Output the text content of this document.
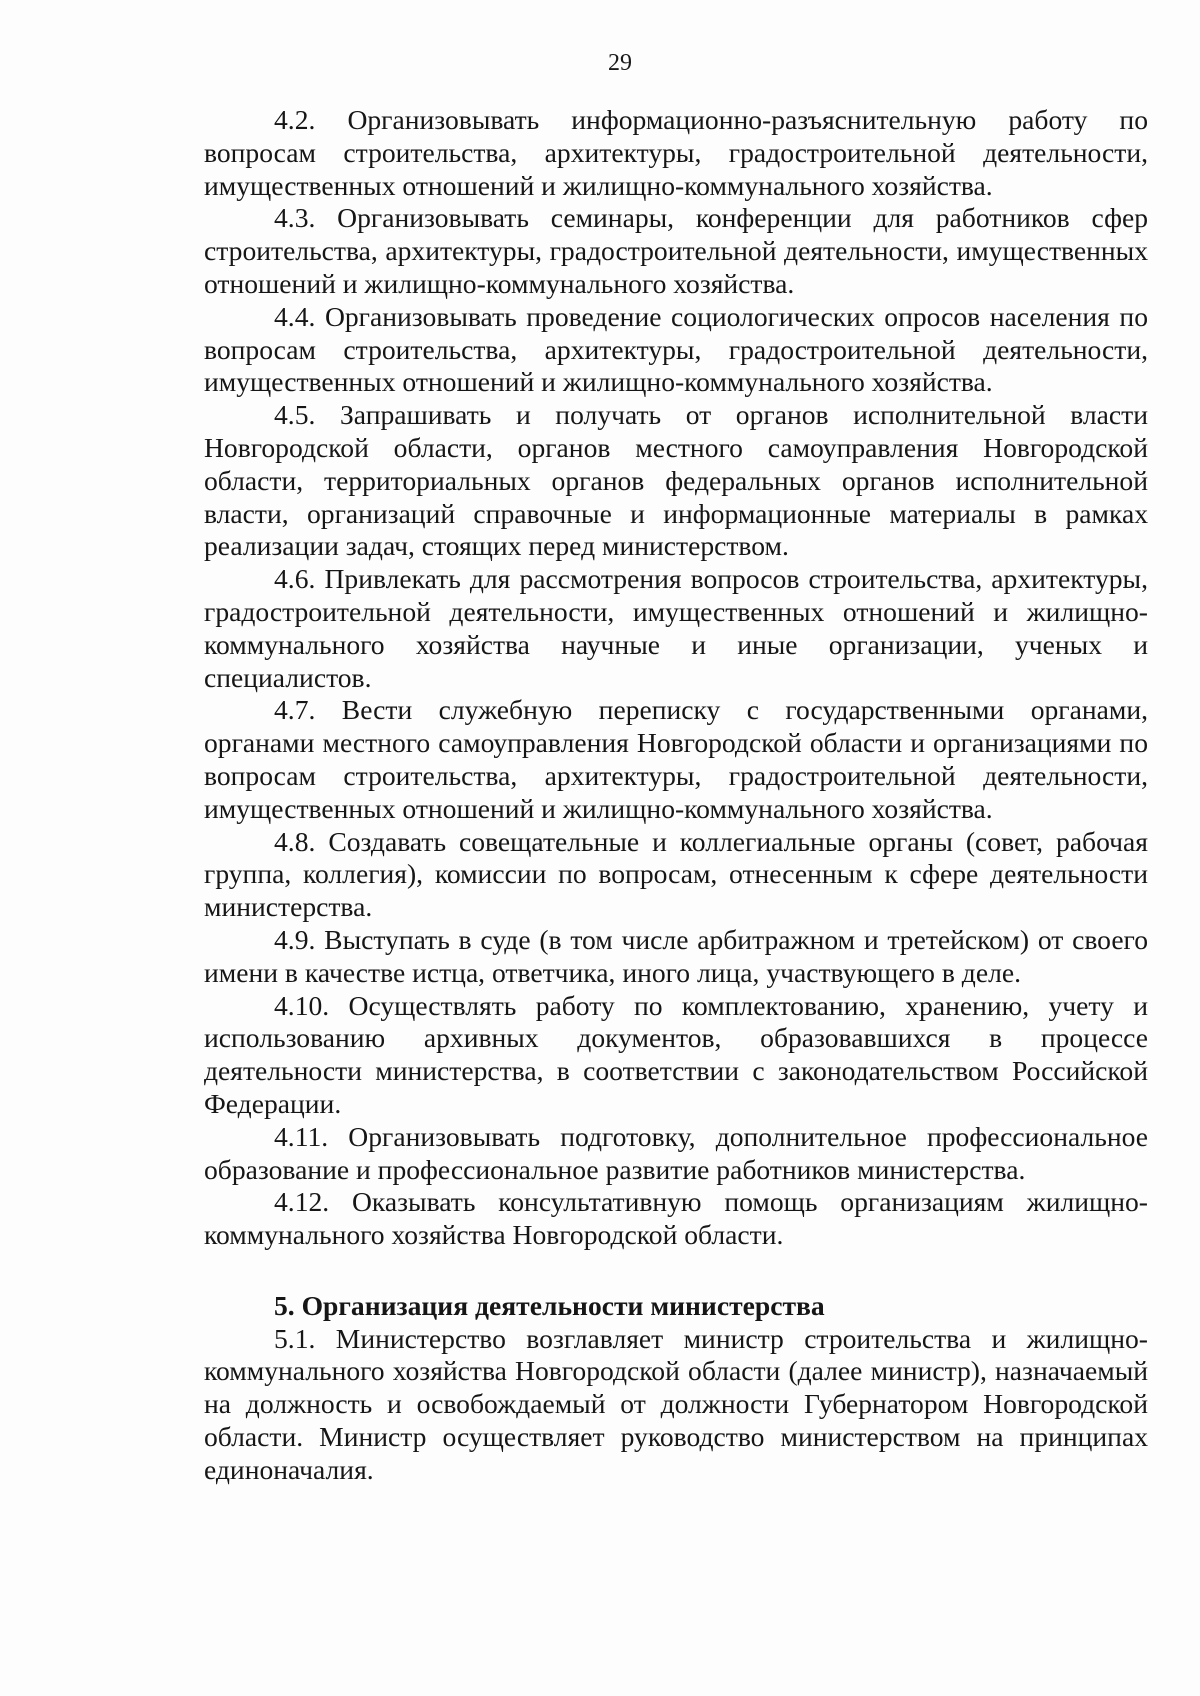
29

4.2. Организовывать информационно-разъяснительную работу по вопросам строительства, архитектуры, градостроительной деятельности, имущественных отношений и жилищно-коммунального хозяйства.

4.3. Организовывать семинары, конференции для работников сфер строительства, архитектуры, градостроительной деятельности, имущественных отношений и жилищно-коммунального хозяйства.

4.4. Организовывать проведение социологических опросов населения по вопросам строительства, архитектуры, градостроительной деятельности, имущественных отношений и жилищно-коммунального хозяйства.

4.5. Запрашивать и получать от органов исполнительной власти Новгородской области, органов местного самоуправления Новгородской области, территориальных органов федеральных органов исполнительной власти, организаций справочные и информационные материалы в рамках реализации задач, стоящих перед министерством.

4.6. Привлекать для рассмотрения вопросов строительства, архитектуры, градостроительной деятельности, имущественных отношений и жилищно-коммунального хозяйства научные и иные организации, ученых и специалистов.

4.7. Вести служебную переписку с государственными органами, органами местного самоуправления Новгородской области и организациями по вопросам строительства, архитектуры, градостроительной деятельности, имущественных отношений и жилищно-коммунального хозяйства.

4.8. Создавать совещательные и коллегиальные органы (совет, рабочая группа, коллегия), комиссии по вопросам, отнесенным к сфере деятельности министерства.

4.9. Выступать в суде (в том числе арбитражном и третейском) от своего имени в качестве истца, ответчика, иного лица, участвующего в деле.

4.10. Осуществлять работу по комплектованию, хранению, учету и использованию архивных документов, образовавшихся в процессе деятельности министерства, в соответствии с законодательством Российской Федерации.

4.11. Организовывать подготовку, дополнительное профессиональное образование и профессиональное развитие работников министерства.

4.12. Оказывать консультативную помощь организациям жилищно-коммунального хозяйства Новгородской области.

5. Организация деятельности министерства

5.1. Министерство возглавляет министр строительства и жилищно-коммунального хозяйства Новгородской области (далее министр), назначаемый на должность и освобождаемый от должности Губернатором Новгородской области. Министр осуществляет руководство министерством на принципах единоначалия.
